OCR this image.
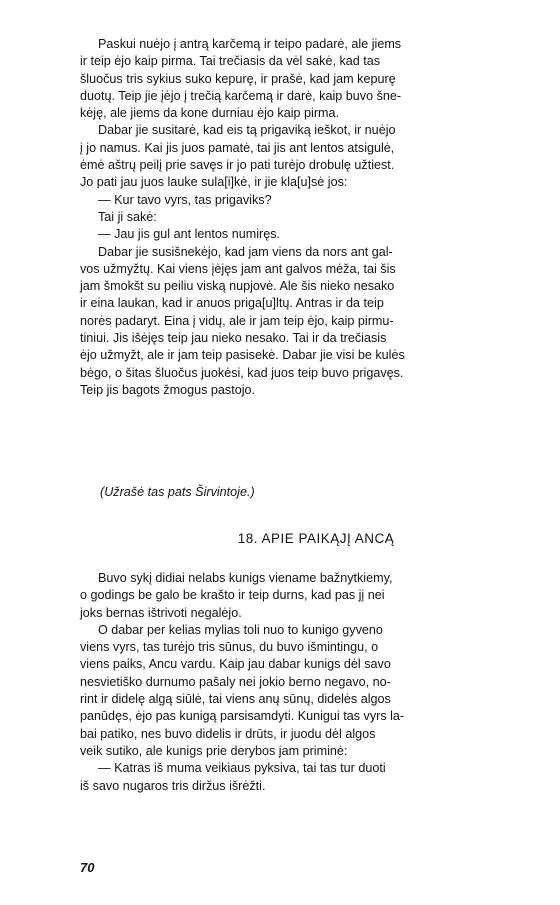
Paskui nuėjo į antrą karčemą ir teipo padarė, ale jiems
ir teip ėjo kaip pirma. Tai trečiasis da vėl sakė, kad tas
šluočus tris sykius suko kepurę, ir prašė, kad jam kepurę
duotų. Teip jie įėjo į trečią karčemą ir darė, kaip buvo šne-
kėję, ale jiems da kone durniau ėjo kaip pirma.

Dabar jie susitarė, kad eis tą prigaviką ieškot, ir nuėjo
į jo namus. Kai jis juos pamatė, tai jis ant lentos atsigulė,
ėmė aštrų peilį prie savęs ir jo pati turėjo drobulę užtiest.
Jo pati jau juos lauke sula[i]kė, ir jie kla[u]sė jos:

— Kur tavo vyrs, tas prigaviks?

Tai ji sakė:

— Jau jis gul ant lentos numiręs.

Dabar jie susišnekėjo, kad jam viens da nors ant gal-
vos užmyžtų. Kai viens įėjęs jam ant galvos mėža, tai šis
jam šmokšt su peiliu viską nupjovė. Ale šis nieko nesako
ir eina laukan, kad ir anuos priga[u]ltų. Antras ir da teip
norės padaryt. Eina į vidų, ale ir jam teip ėjo, kaip pirmu-
tiniui. Jis išėjęs teip jau nieko nesako. Tai ir da trečiasis
ėjo užmyžt, ale ir jam teip pasisekė. Dabar jie visi be kulės
bėgo, o šitas šluočus juokėsi, kad juos teip buvo prigavęs.
Teip jis bagots žmogus pastojo.

(Užrašė tas pats Širvintoje.)
18. APIE PAIKĄJĮ ANCĄ

Buvo sykį didiai nelabs kunigs viename bažnytkiemy,
o godings be galo be krašto ir teip durns, kad pas jį nei
joks bernas ištrivoti negalėjo.

O dabar per kelias mylias toli nuo to kunigo gyveno
viens vyrs, tas turėjo tris sūnus, du buvo išmintingu, o
viens paiks, Ancu vardu. Kaip jau dabar kunigs dėl savo
nesvietiško durnumo pašaly nei jokio berno negavo, no-
rint ir didelę algą siūlė, tai viens anų sūnų, didelės algos
panūdęs, ėjo pas kunigą parsisamdyti. Kunigui tas vyrs la-
bai patiko, nes buvo didelis ir drūts, ir juodu dėl algos
veik sutiko, ale kunigs prie derybos jam priminė:

— Katras iš muma veikiaus pyksiva, tai tas tur duoti
iš savo nugaros tris diržus išrėžti.

70
